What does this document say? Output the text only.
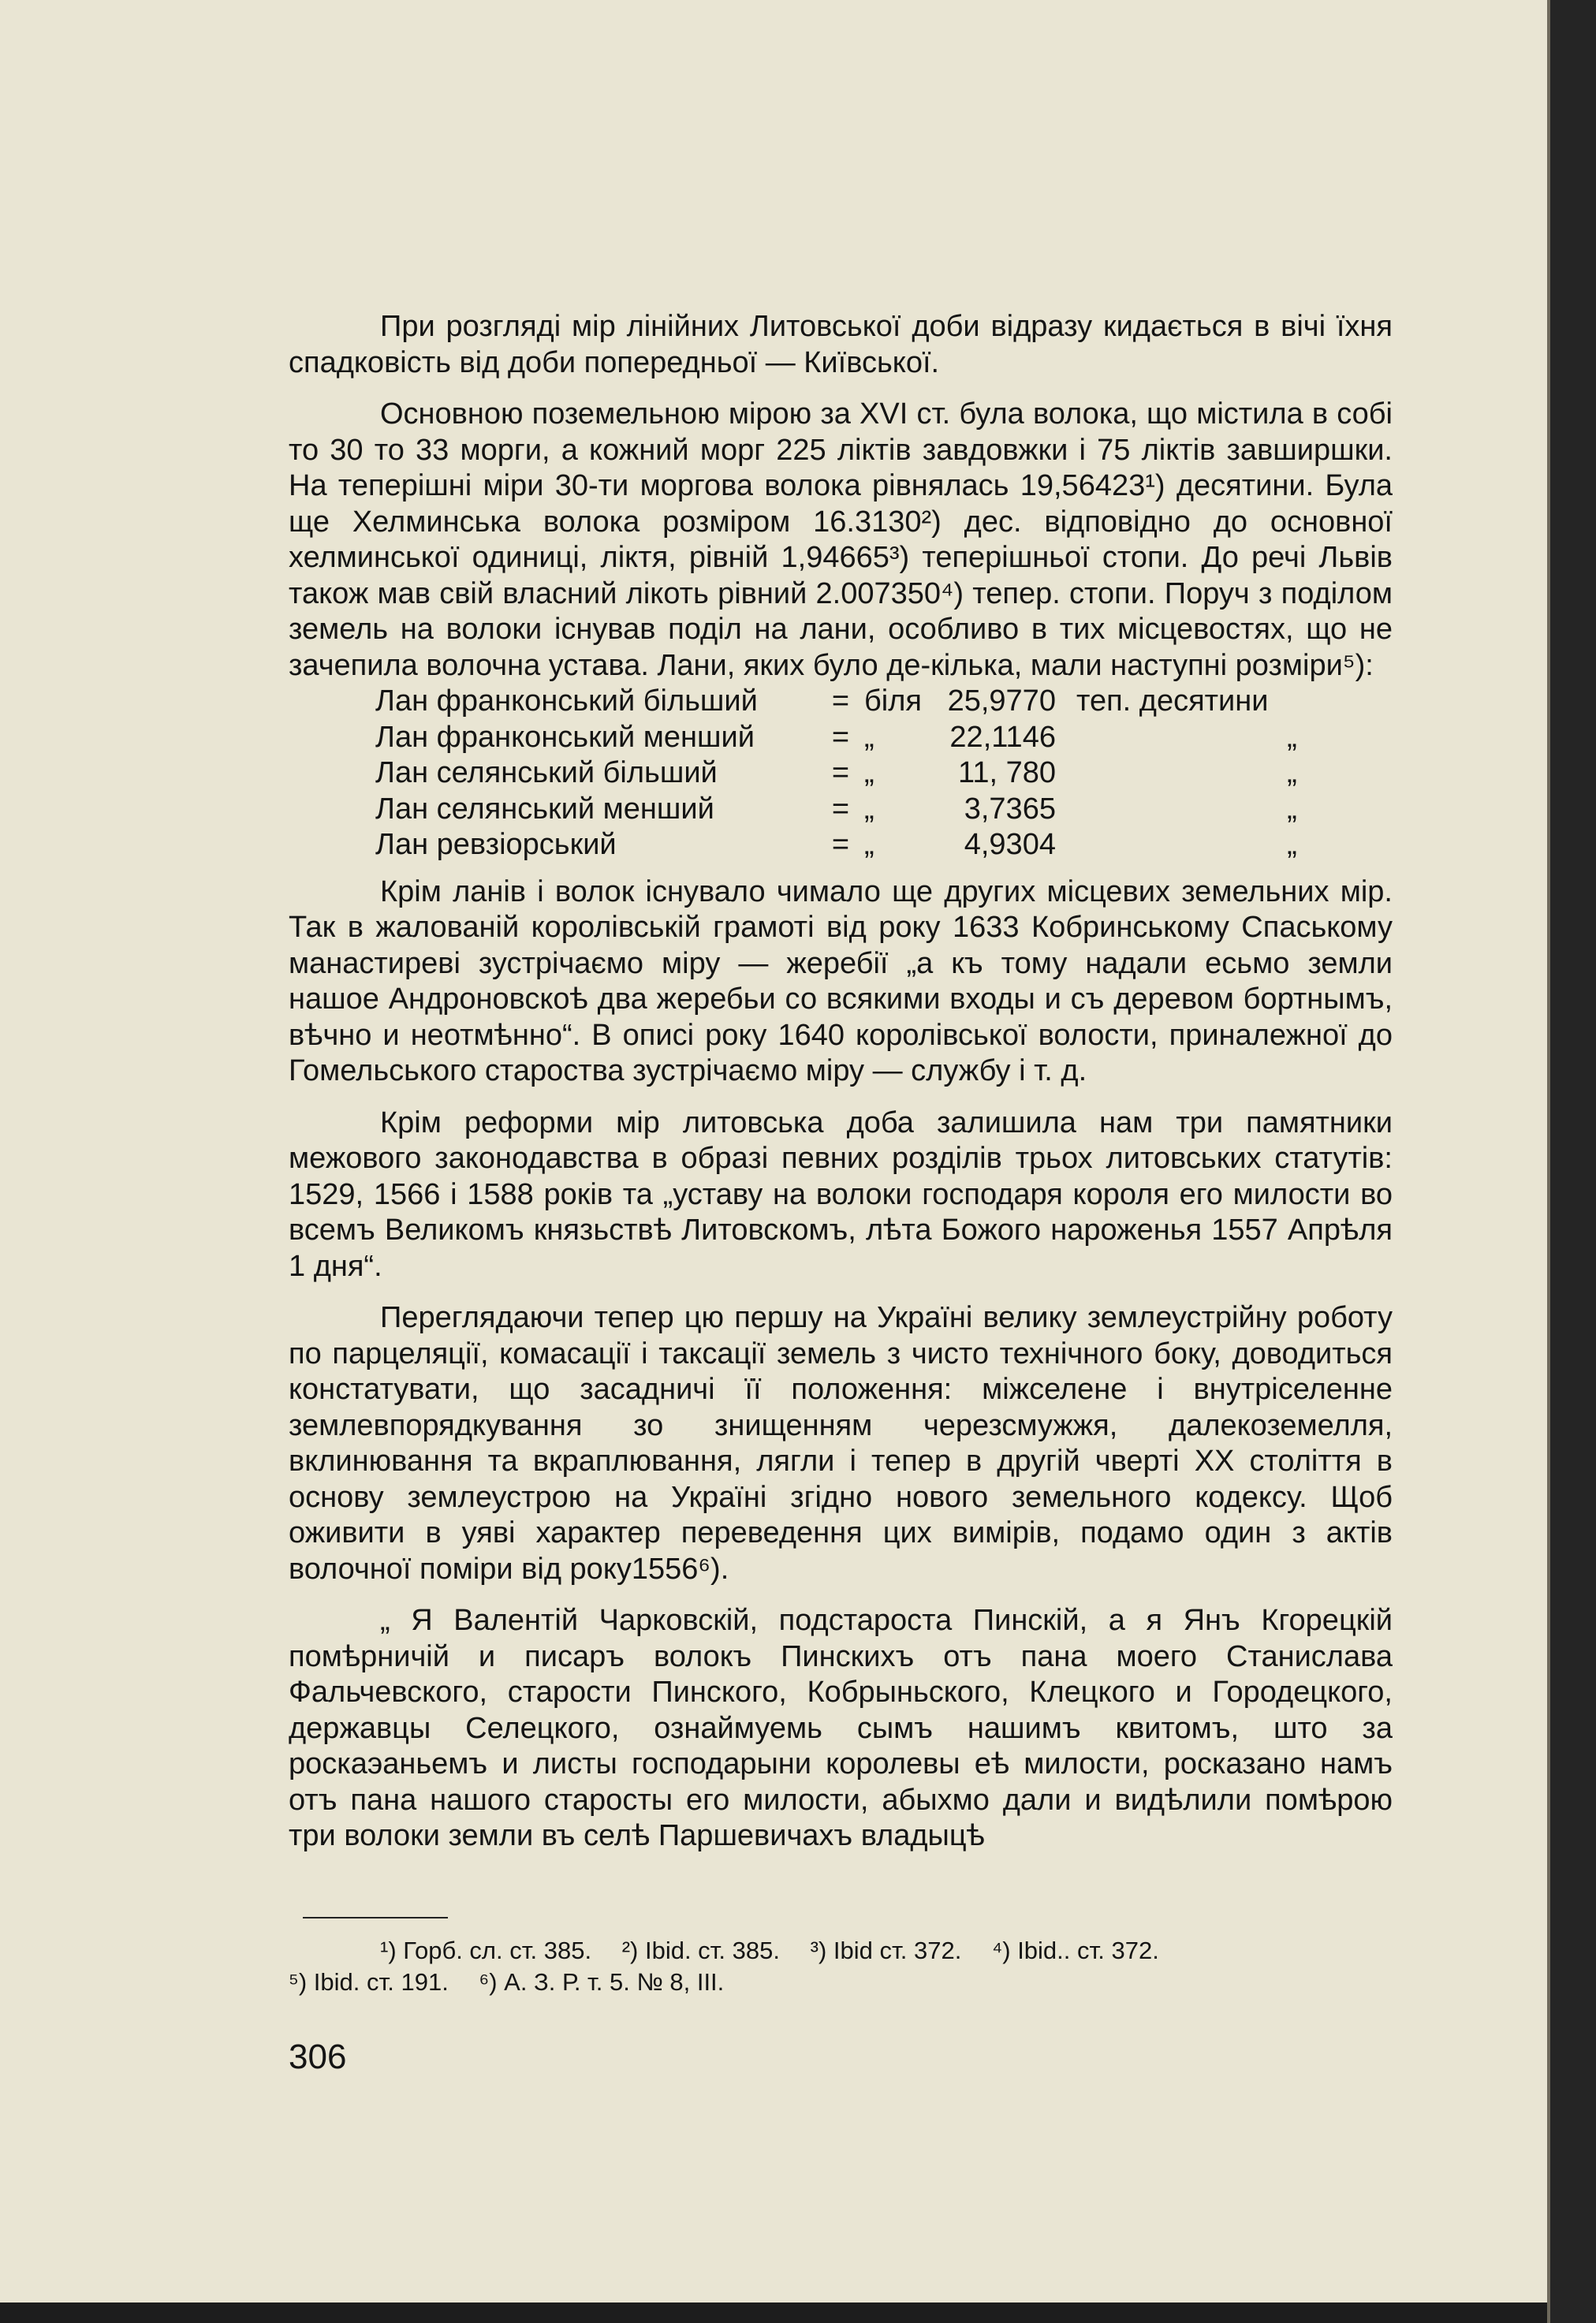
При розгляді мір лінійних Литовської доби відразу кидається в вічі їхня спадковість від доби попередньої — Київської.

Основною поземельною мірою за XVI ст. була волока, що містила в собі то 30 то 33 морги, а кожний морг 225 ліктів завдовжки і 75 ліктів завширшки. На теперішні міри 30-ти моргова волока рівнялась 19,56423¹) десятини. Була ще Хелминська волока розміром 16.3130²) дес. відповідно до основної хелминської одиниці, ліктя, рівній 1,94665³) теперішньої стопи. До речі Львів також мав свій власний лікоть рівний 2.007350⁴) тепер. стопи. Поруч з поділом земель на волоки існував поділ на лани, особливо в тих місцевостях, що не зачепила волочна устава. Лани, яких було де-кілька, мали наступні розміри⁵):

Лан франконський більший	=	біля	25,9770	теп. десятини	
Лан франконський менший	=	„	22,1146		„
Лан селянський більший	=	„	11, 780		„
Лан селянський менший	=	„	3,7365		„
Лан ревзіорський	=	„	4,9304		„

Крім ланів і волок існувало чимало ще других місцевих земельних мір. Так в жалованій королівській грамоті від року 1633 Кобринському Спаському манастиреві зустрічаємо міру — жеребії „а къ тому надали есьмо земли нашое Андроновскоѣ два жеребьи со всякими входы и съ деревом бортнымъ, вѣчно и неотмѣнно“. В описі року 1640 королівської волости, приналежної до Гомельського староства зустрічаємо міру — службу і т. д.

Крім реформи мір литовська доба залишила нам три памятники межового законодавства в образі певних розділів трьох литовських статутів: 1529, 1566 і 1588 років та „уставу на волоки господаря короля его милости во всемъ Великомъ князьствѣ Литовскомъ, лѣта Божого нароженья 1557 Апрѣля 1 дня“.

Переглядаючи тепер цю першу на Україні велику землеустрійну роботу по парцеляції, комасації і таксації земель з чисто технічного боку, доводиться констатувати, що засадничі її положення: міжселене і внутріселенне землевпорядкування зо знищенням черезсмужжя, далекоземелля, вклинювання та вкраплювання, лягли і тепер в другій чверті XX століття в основу землеустрою на Україні згідно нового земельного кодексу. Щоб оживити в уяві характер переведення цих вимірів, подамо один з актів волочної поміри від року1556⁶).

„ Я Валентій Чарковскій, подстароста Пинскій, а я Янъ Кгорецкій помѣрничій и писаръ волокъ Пинскихъ отъ пана моего Станислава Фальчевского, старости Пинского, Кобрыньского, Клецкого и Городецкого, державцы Селецкого, ознаймуемь сымъ нашимъ квитомъ, што за роскаэаньемъ и листы господарыни королевы еѣ милости, росказано намъ отъ пана нашого старосты его милости, абыхмо дали и видѣлили помѣрою три волоки земли въ селѣ Паршевичахъ владыцѣ

¹) Горб. сл. ст. 385. ²) Ibid. ст. 385. ³) Ibid ст. 372. ⁴) Ibid.. ст. 372.
⁵) Ibid. ст. 191. ⁶) А. З. Р. т. 5. № 8, III.
306
